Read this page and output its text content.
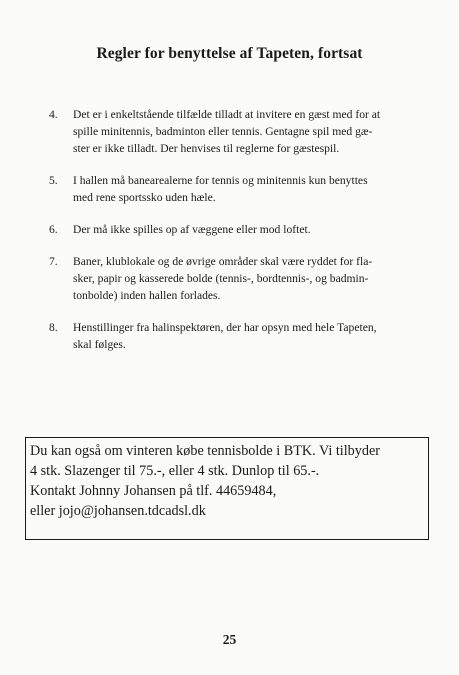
Regler for benyttelse af Tapeten, fortsat
4. Det er i enkeltstående tilfælde tilladt at invitere en gæst med for at
spille minitennis, badminton eller tennis. Gentagne spil med gæ-
ster er ikke tilladt. Der henvises til reglerne for gæstespil.
5. I hallen må banearealerne for tennis og minitennis kun benyttes
med rene sportssko uden hæle.
6. Der må ikke spilles op af væggene eller mod loftet.
7. Baner, klublokale og de øvrige områder skal være ryddet for fla-
sker, papir og kasserede bolde (tennis-, bordtennis-, og badmin-
tonbolde) inden hallen forlades.
8. Henstillinger fra halinspektøren, der har opsyn med hele Tapeten,
skal følges.
Du kan også om vinteren købe tennisbolde i BTK. Vi tilbyder
4 stk. Slazenger til 75.-, eller 4 stk. Dunlop til 65.-.
Kontakt Johnny Johansen på tlf. 44659484,
eller jojo@johansen.tdcadsl.dk
25
